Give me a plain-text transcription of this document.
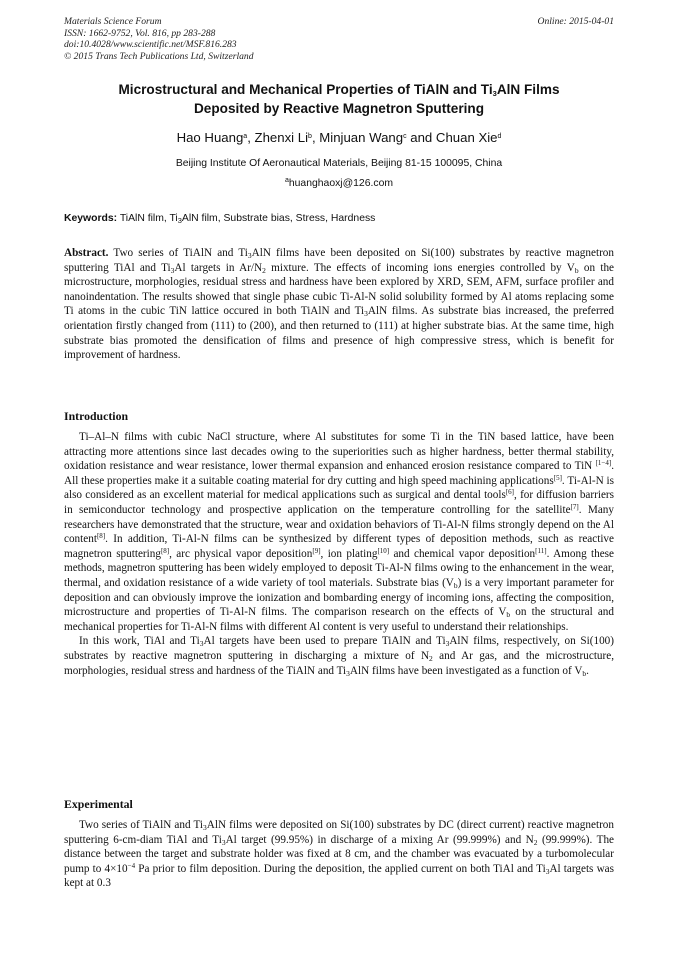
Materials Science Forum
ISSN: 1662-9752, Vol. 816, pp 283-288
doi:10.4028/www.scientific.net/MSF.816.283
© 2015 Trans Tech Publications Ltd, Switzerland
Online: 2015-04-01
Microstructural and Mechanical Properties of TiAlN and $Ti_3AlN$ Films
Deposited by Reactive Magnetron Sputtering
Hao Huang$^a$, Zhenxi Li$^b$, Minjuan Wang$^c$ and Chuan Xie$^d$
Beijing Institute Of Aeronautical Materials, Beijing 81-15 100095, China
$^a$huanghaoxj@126.com
Keywords: TiAlN film, $Ti_3AlN$ film, Substrate bias, Stress, Hardness
Abstract. Two series of TiAlN and $Ti_3AlN$ films have been deposited on Si(100) substrates by reactive magnetron sputtering TiAl and $Ti_3Al$ targets in $Ar/N_2$ mixture. The effects of incoming ions energies controlled by $V_b$ on the microstructure, morphologies, residual stress and hardness have been explored by XRD, SEM, AFM, surface profiler and nanoindentation. The results showed that single phase cubic Ti-Al-N solid solubility formed by Al atoms replacing some Ti atoms in the cubic TiN lattice occured in both TiAlN and $Ti_3AlN$ films. As substrate bias increased, the preferred orientation firstly changed from (111) to (200), and then returned to (111) at higher substrate bias. At the same time, high substrate bias promoted the densification of films and presence of high compressive stress, which is benefit for improvement of hardness.
Introduction

Ti–Al–N films with cubic NaCl structure, where Al substitutes for some Ti in the TiN based lattice, have been attracting more attentions since last decades owing to the superiorities such as higher hardness, better thermal stability, oxidation resistance and wear resistance, lower thermal expansion and enhanced erosion resistance compared to TiN [1−4]. All these properties make it a suitable coating material for dry cutting and high speed machining applications[5]. Ti-Al-N is also considered as an excellent material for medical applications such as surgical and dental tools[6], for diffusion barriers in semiconductor technology and prospective application on the temperature controlling for the satellite[7]. Many researchers have demonstrated that the structure, wear and oxidation behaviors of Ti-Al-N films strongly depend on the Al content[8]. In addition, Ti-Al-N films can be synthesized by different types of deposition methods, such as reactive magnetron sputtering[8], arc physical vapor deposition[9], ion plating[10] and chemical vapor deposition[11]. Among these methods, magnetron sputtering has been widely employed to deposit Ti-Al-N films owing to the enhancement in the wear, thermal, and oxidation resistance of a wide variety of tool materials. Substrate bias $(V_b)$ is a very important parameter for deposition and can obviously improve the ionization and bombarding energy of incoming ions, affecting the composition, microstructure and properties of Ti-Al-N films. The comparison research on the effects of $V_b$ on the structural and mechanical properties for Ti-Al-N films with different Al content is very useful to understand their relationships.

In this work, TiAl and $Ti_3Al$ targets have been used to prepare TiAlN and $Ti_3AlN$ films, respectively, on Si(100) substrates by reactive magnetron sputtering in discharging a mixture of $N_2$ and Ar gas, and the microstructure, morphologies, residual stress and hardness of the TiAlN and $Ti_3AlN$ films have been investigated as a function of $V_b$.

Experimental

Two series of TiAlN and $Ti_3AlN$ films were deposited on Si(100) substrates by DC (direct current) reactive magnetron sputtering 6-cm-diam TiAl and $Ti_3Al$ target (99.95%) in discharge of a mixing Ar (99.999%) and $N_2$ (99.999%). The distance between the target and substrate holder was fixed at 8 cm, and the chamber was evacuated by a turbomolecular pump to $4\times 10^{-4}$ Pa prior to film deposition. During the deposition, the applied current on both TiAl and $Ti_3Al$ targets was kept at 0.3
